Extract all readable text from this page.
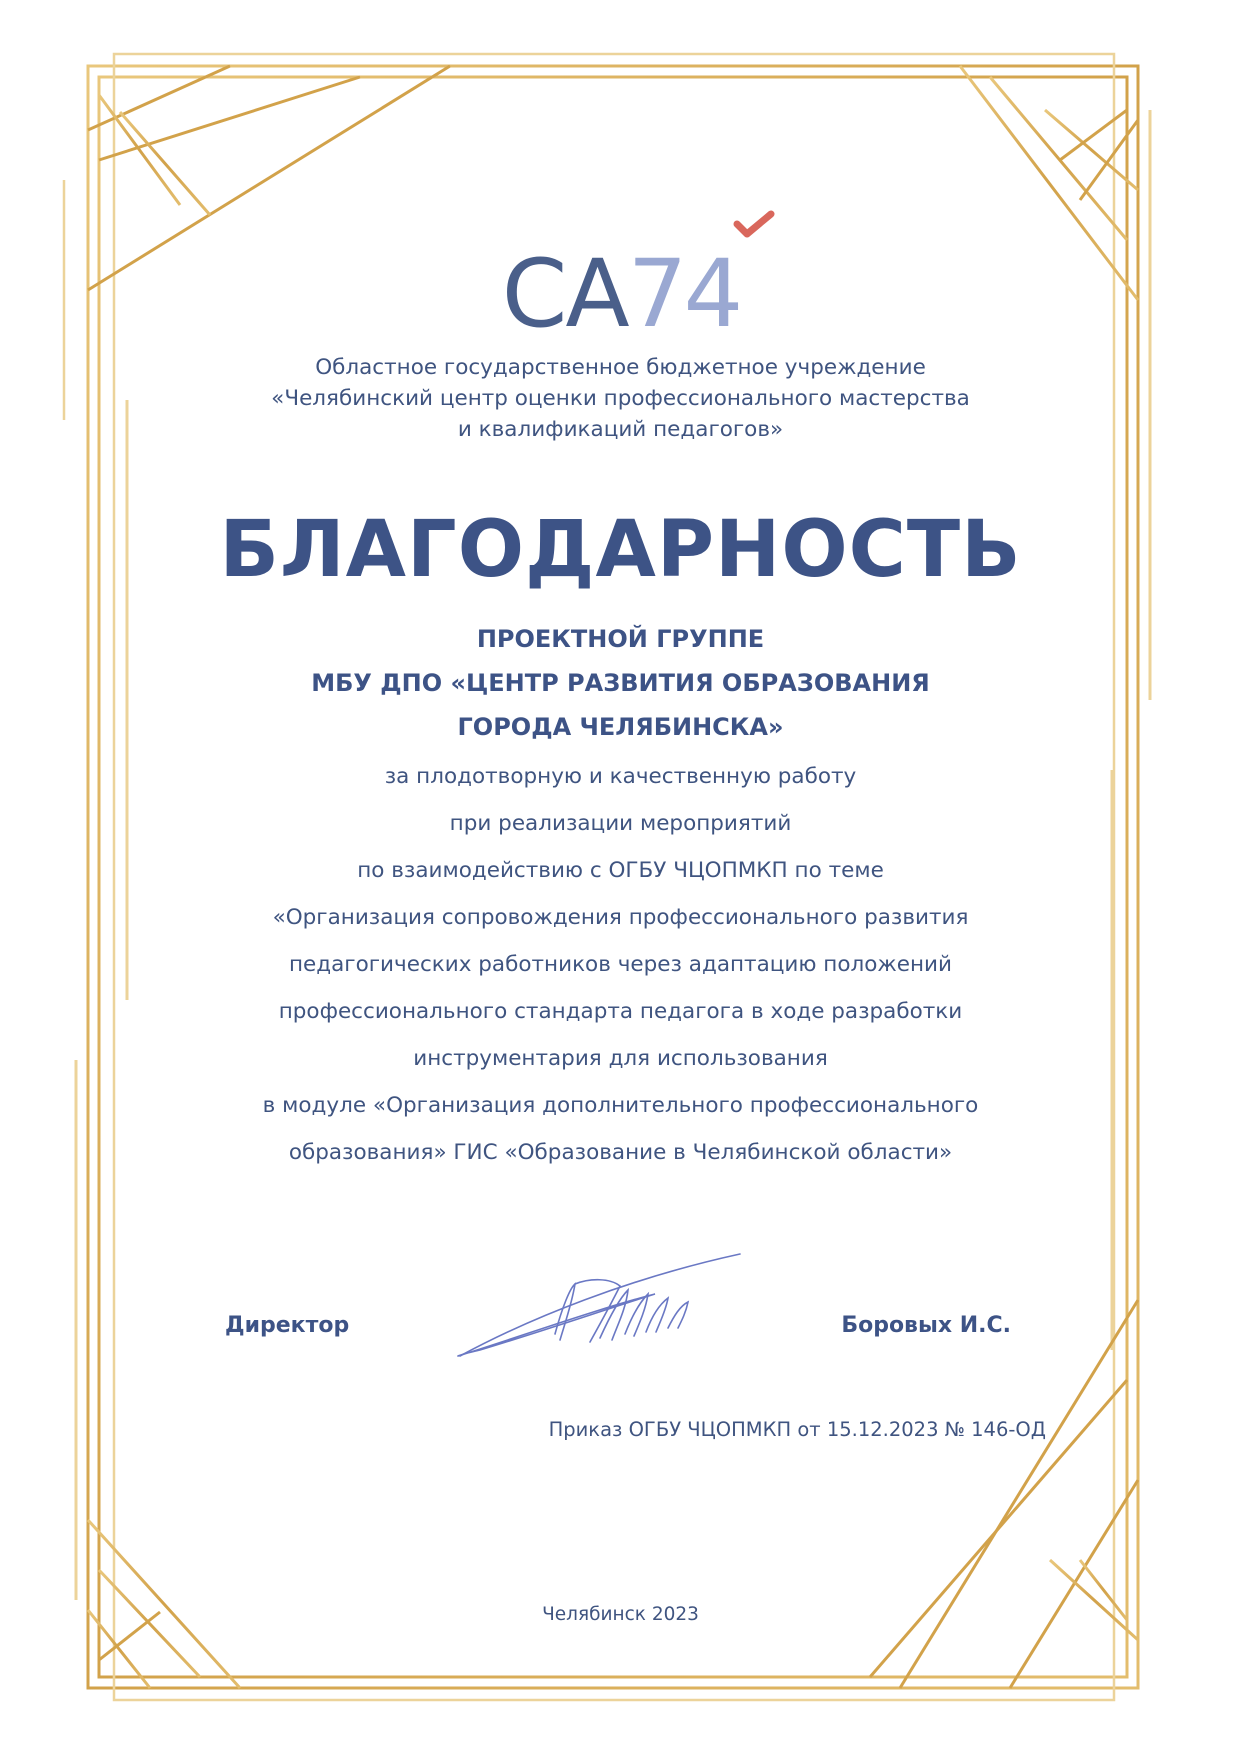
CA74
Областное государственное бюджетное учреждение
«Челябинский центр оценки профессионального мастерства
и квалификаций педагогов»
БЛАГОДАРНОСТЬ
ПРОЕКТНОЙ ГРУППЕ
МБУ ДПО «ЦЕНТР РАЗВИТИЯ ОБРАЗОВАНИЯ
ГОРОДА ЧЕЛЯБИНСКА»
за плодотворную и качественную работу
при реализации мероприятий
по взаимодействию с ОГБУ ЧЦОПМКП по теме
«Организация сопровождения профессионального развития
педагогических работников через адаптацию положений
профессионального стандарта педагога в ходе разработки
инструментария для использования
в модуле «Организация дополнительного профессионального
образования» ГИС «Образование в Челябинской области»
Директор	Боровых И.С.
Приказ ОГБУ ЧЦОПМКП от 15.12.2023 № 146-ОД
Челябинск 2023
